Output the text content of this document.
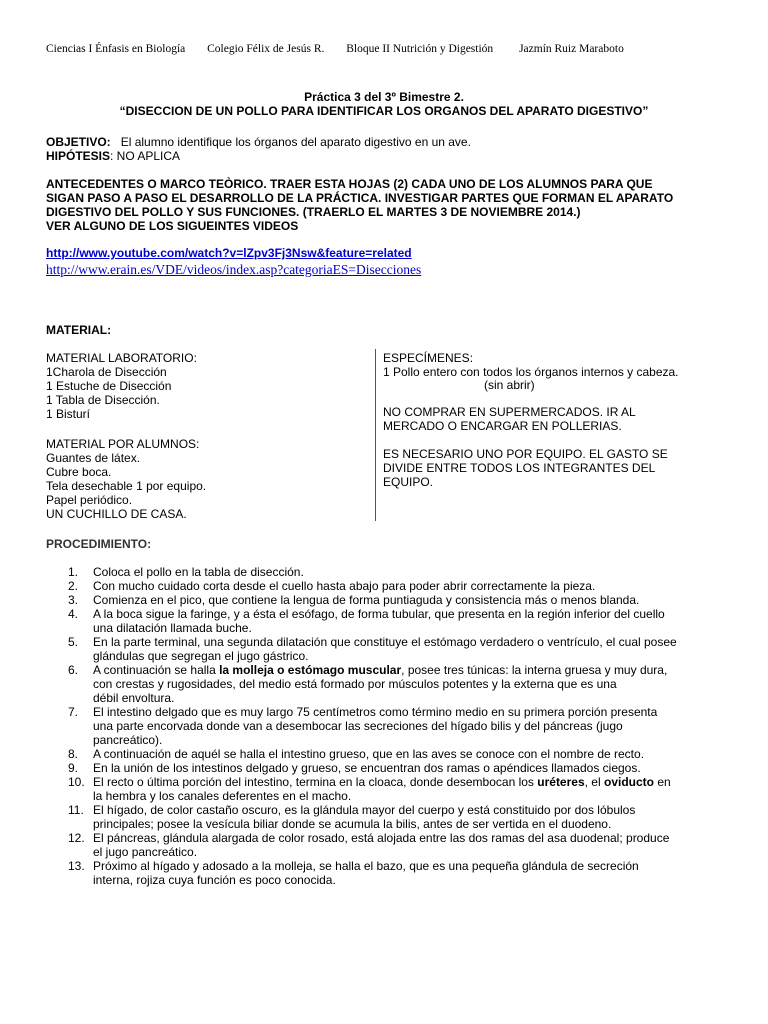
Ciencias I Énfasis en Biología Colegio Félix de Jesús R. Bloque II Nutrición y Digestión Jazmín Ruiz Maraboto
Práctica 3 del 3º Bimestre 2.
“DISECCION DE UN POLLO PARA IDENTIFICAR LOS ORGANOS DEL APARATO DIGESTIVO”
OBJETIVO: El alumno identifique los órganos del aparato digestivo en un ave.
HIPÓTESIS: NO APLICA
ANTECEDENTES O MARCO TEÒRICO. TRAER ESTA HOJAS (2) CADA UNO DE LOS ALUMNOS PARA QUE
SIGAN PASO A PASO EL DESARROLLO DE LA PRÁCTICA. INVESTIGAR PARTES QUE FORMAN EL APARATO
DIGESTIVO DEL POLLO Y SUS FUNCIONES. (TRAERLO EL MARTES 3 DE NOVIEMBRE 2014.)
VER ALGUNO DE LOS SIGUEINTES VIDEOS
http://www.youtube.com/watch?v=lZpv3Fj3Nsw&feature=related
http://www.erain.es/VDE/videos/index.asp?categoriaES=Disecciones
MATERIAL:
MATERIAL LABORATORIO:
1Charola de Disección
1 Estuche de Disección
1 Tabla de Disección.
1 Bisturí
MATERIAL POR ALUMNOS:
Guantes de látex.
Cubre boca.
Tela desechable 1 por equipo.
Papel periódico.
UN CUCHILLO DE CASA.
ESPECÍMENES:
1 Pollo entero con todos los órganos internos y cabeza.
(sin abrir)
NO COMPRAR EN SUPERMERCADOS. IR AL
MERCADO O ENCARGAR EN POLLERIAS.
ES NECESARIO UNO POR EQUIPO. EL GASTO SE
DIVIDE ENTRE TODOS LOS INTEGRANTES DEL
EQUIPO.
PROCEDIMIENTO:
1. Coloca el pollo en la tabla de disección.
2. Con mucho cuidado corta desde el cuello hasta abajo para poder abrir correctamente la pieza.
3. Comienza en el pico, que contiene la lengua de forma puntiaguda y consistencia más o menos blanda.
4. A la boca sigue la faringe, y a ésta el esófago, de forma tubular, que presenta en la región inferior del cuello
una dilatación llamada buche.
5. En la parte terminal, una segunda dilatación que constituye el estómago verdadero o ventrículo, el cual posee
glándulas que segregan el jugo gástrico.
6. A continuación se halla la molleja o estómago muscular, posee tres túnicas: la interna gruesa y muy dura,
con crestas y rugosidades, del medio está formado por músculos potentes y la externa que es una
débil envoltura.
7. El intestino delgado que es muy largo 75 centímetros como término medio en su primera porción presenta
una parte encorvada donde van a desembocar las secreciones del hígado bilis y del páncreas (jugo
pancreático).
8. A continuación de aquél se halla el intestino grueso, que en las aves se conoce con el nombre de recto.
9. En la unión de los intestinos delgado y grueso, se encuentran dos ramas o apéndices llamados ciegos.
10. El recto o última porción del intestino, termina en la cloaca, donde desembocan los uréteres, el oviducto en
la hembra y los canales deferentes en el macho.
11. El hígado, de color castaño oscuro, es la glándula mayor del cuerpo y está constituido por dos lóbulos
principales; posee la vesícula biliar donde se acumula la bilis, antes de ser vertida en el duodeno.
12. El páncreas, glándula alargada de color rosado, está alojada entre las dos ramas del asa duodenal; produce
el jugo pancreático.
13. Próximo al hígado y adosado a la molleja, se halla el bazo, que es una pequeña glándula de secreción
interna, rojiza cuya función es poco conocida.
